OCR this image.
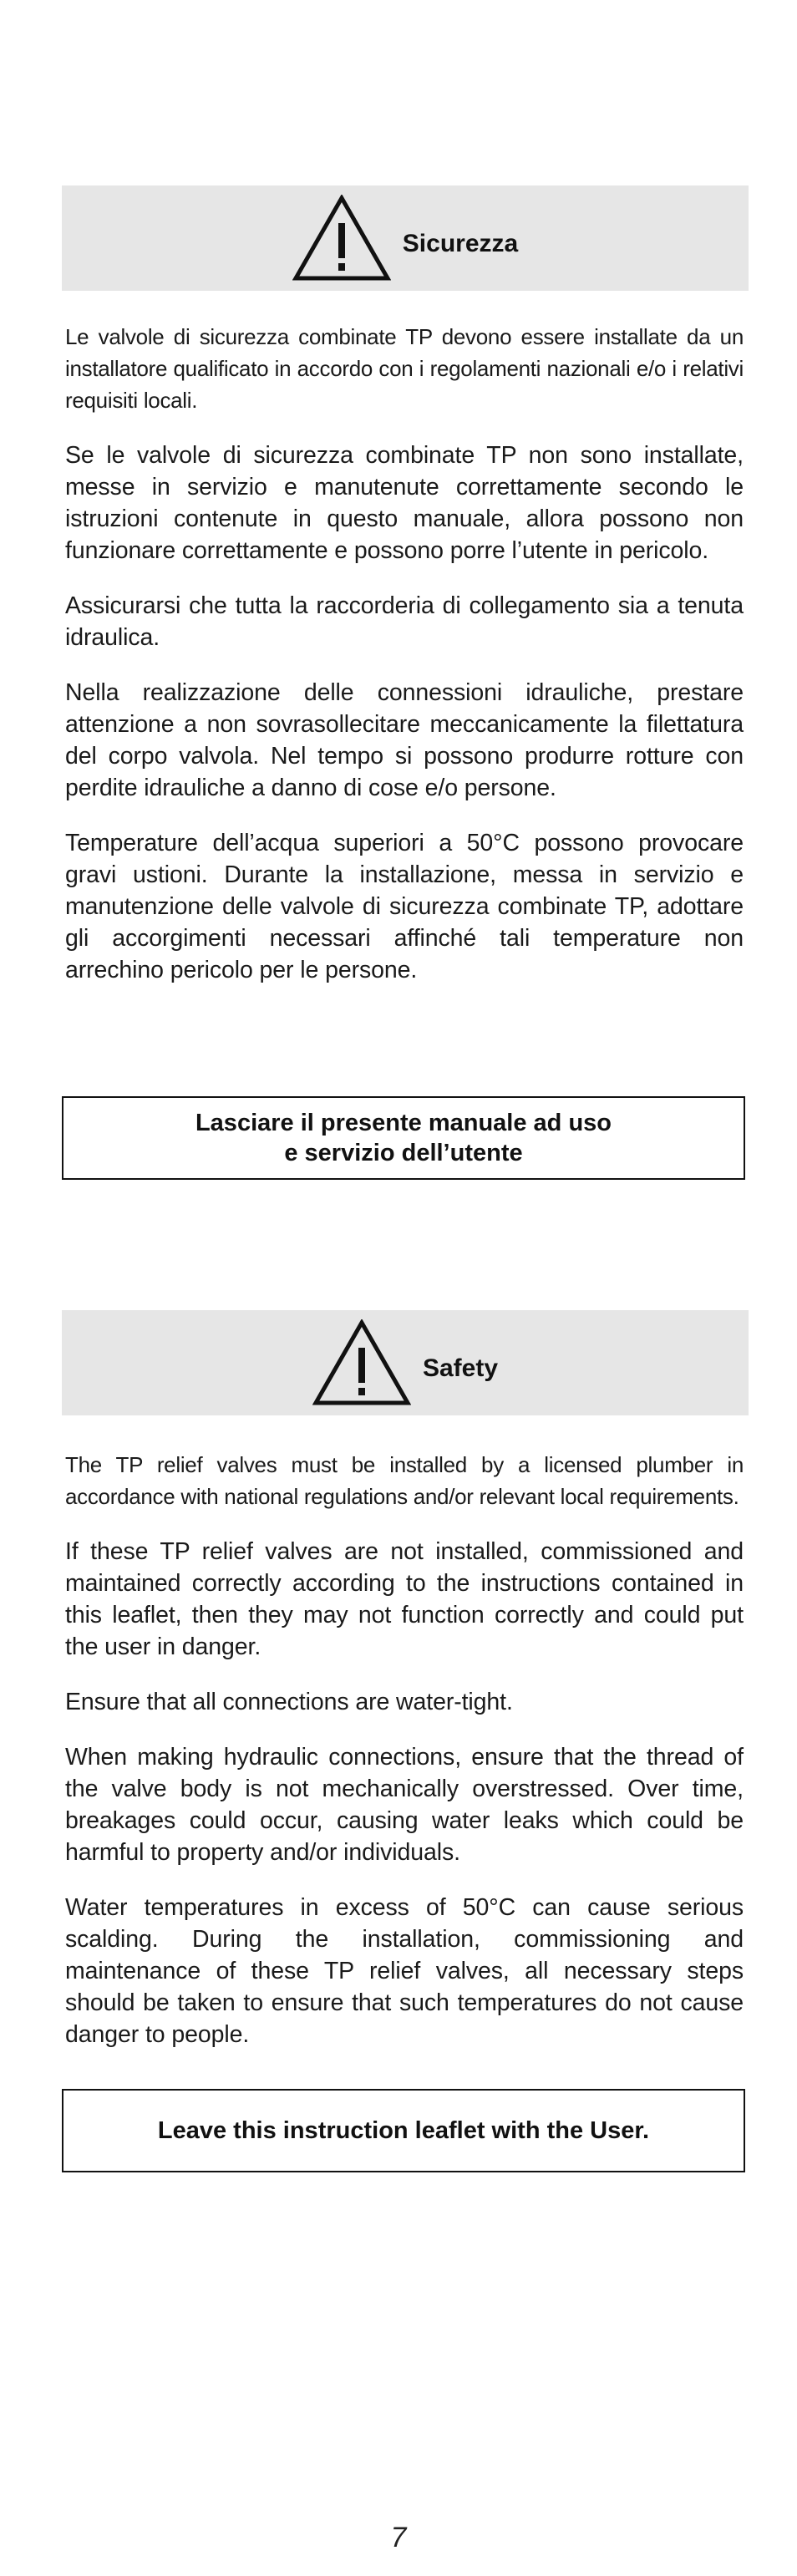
Sicurezza

Le valvole di sicurezza combinate TP devono essere installate da un installatore qualificato in accordo con i regolamenti nazionali e/o i relativi requisiti locali.

Se le valvole di sicurezza combinate TP non sono installate, messe in servizio e manutenute correttamente secondo le istruzioni contenute in questo manuale, allora possono non funzionare correttamente e possono porre l’utente in pericolo.

Assicurarsi che tutta la raccorderia di collegamento sia a tenuta idraulica.

Nella realizzazione delle connessioni idrauliche, prestare attenzione a non sovrasollecitare meccanicamente la filettatura del corpo valvola. Nel tempo si possono produrre rotture con perdite idrauliche a danno di cose e/o persone.

Temperature dell’acqua superiori a 50°C possono provocare gravi ustioni. Durante la installazione, messa in servizio e manutenzione delle valvole di sicurezza combinate TP, adottare gli accorgimenti necessari affinché tali temperature non arrechino pericolo per le persone.

Lasciare il presente manuale ad uso
e servizio dell’utente
Safety

The TP relief valves must be installed by a licensed plumber in accordance with national regulations and/or relevant local requirements.

If these TP relief valves are not installed, commissioned and maintained correctly according to the instructions contained in this leaflet, then they may not function correctly and could put the user in danger.

Ensure that all connections are water-tight.

When making hydraulic connections, ensure that the thread of the valve body is not mechanically overstressed. Over time, breakages could occur, causing water leaks which could be harmful to property and/or individuals.

Water temperatures in excess of 50°C can cause serious scalding. During the installation, commissioning and maintenance of these TP relief valves, all necessary steps should be taken to ensure that such temperatures do not cause danger to people.

Leave this instruction leaflet with the User.
7
